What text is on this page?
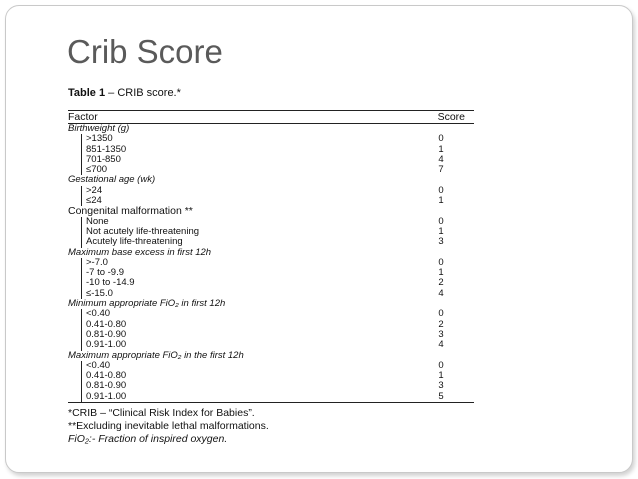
Crib Score
Table 1 – CRIB score.*
Factor	Score
Birthweight (g)
>1350	0
851-1350	1
701-850	4
≤700	7
Gestational age (wk)
>24	0
≤24	1
Congenital malformation **
None	0
Not acutely life-threatening	1
Acutely life-threatening	3
Maximum base excess in first 12h
>-7.0	0
-7 to -9.9	1
-10 to -14.9	2
≤-15.0	4
Minimum appropriate FiO₂ in first 12h
<0.40	0
0.41-0.80	2
0.81-0.90	3
0.91-1.00	4
Maximum appropriate FiO₂ in the first 12h
<0.40	0
0.41-0.80	1
0.81-0.90	3
0.91-1.00	5
*CRIB – “Clinical Risk Index for Babies”.
**Excluding inevitable lethal malformations.
FiO₂:- Fraction of inspired oxygen.
